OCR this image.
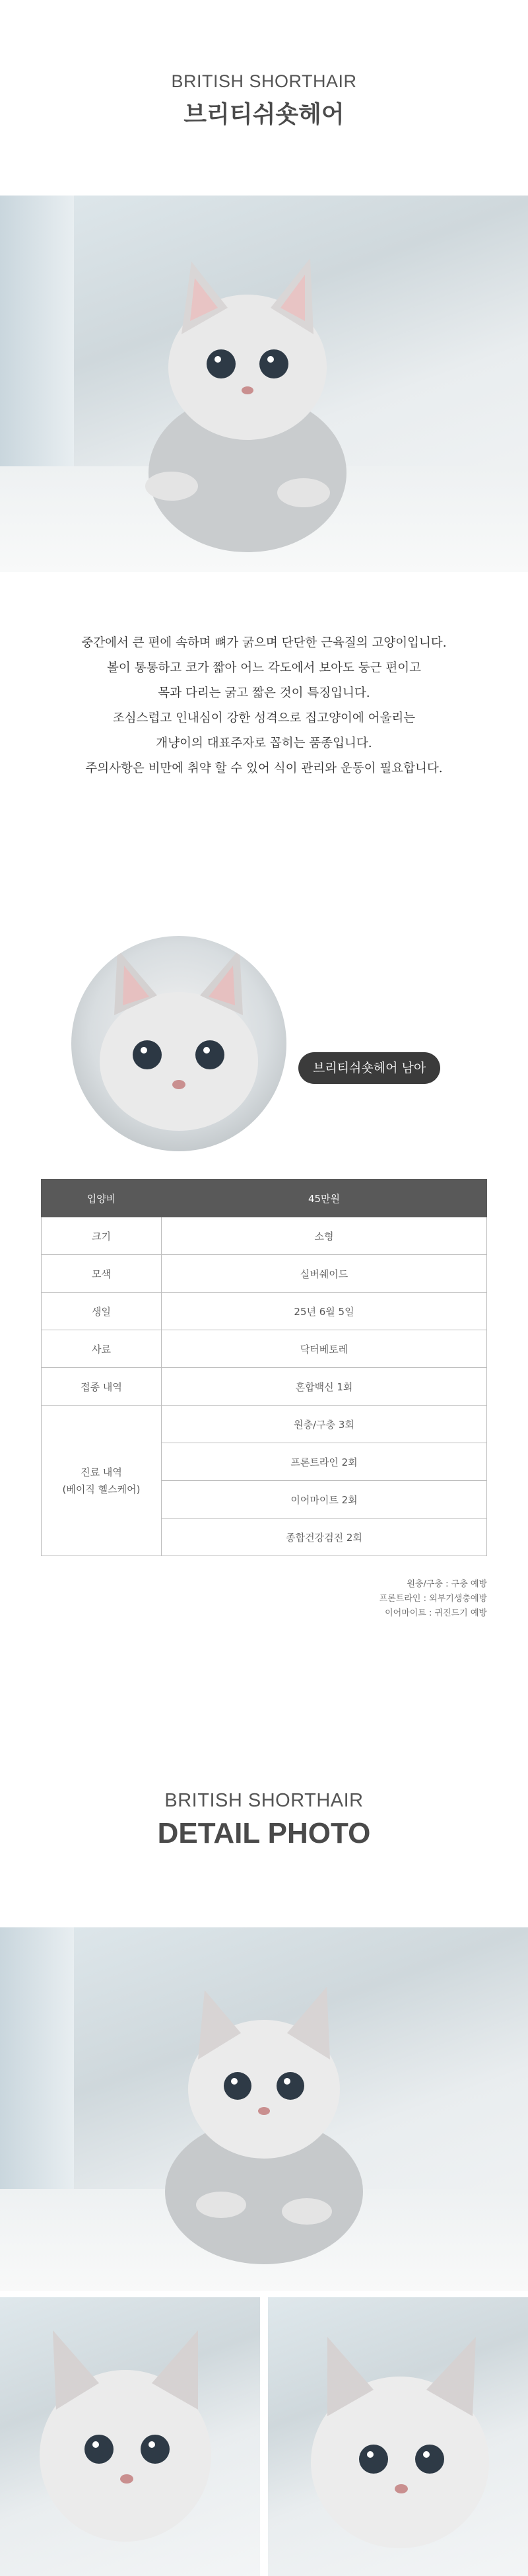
BRITISH SHORTHAIR
브리티쉬숏헤어
중간에서 큰 편에 속하며 뼈가 굵으며 단단한 근육질의 고양이입니다.
볼이 통통하고 코가 짧아 어느 각도에서 보아도 둥근 편이고
목과 다리는 굵고 짧은 것이 특징입니다.
조심스럽고 인내심이 강한 성격으로 집고양이에 어울리는
개냥이의 대표주자로 꼽히는 품종입니다.
주의사항은 비만에 취약 할 수 있어 식이 관리와 운동이 필요합니다.
브리티쉬숏헤어 남아
입양비	45만원
크기	소형
모색	실버쉐이드
생일	25년 6월 5일
사료	닥터베토레
접종 내역	혼합백신 1회

진료 내역
(베이직 헬스케어)	원충/구충 3회
	프론트라인 2회
	이어마이트 2회
	종합건강검진 2회
원충/구충 : 구충 예방
프론트라인 : 외부기생충예방
이어마이트 : 귀진드기 예방
BRITISH SHORTHAIR
DETAIL PHOTO
